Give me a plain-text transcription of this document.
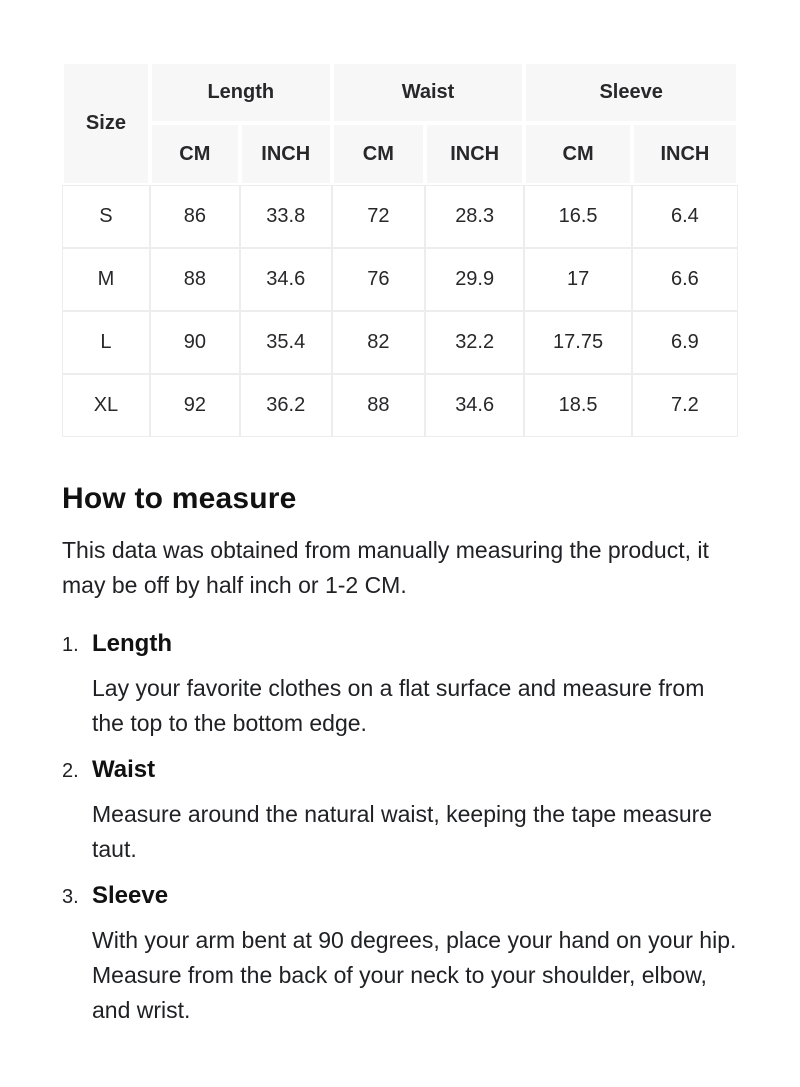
Size	Length		Waist		Sleeve	
	CM	INCH	CM	INCH	CM	INCH
S	86	33.8	72	28.3	16.5	6.4
M	88	34.6	76	29.9	17	6.6
L	90	35.4	82	32.2	17.75	6.9
XL	92	36.2	88	34.6	18.5	7.2
How to measure

This data was obtained from manually measuring the product, it may be off by half inch or 1-2 CM.

1. Length

Lay your favorite clothes on a flat surface and measure from the top to the bottom edge.

2. Waist

Measure around the natural waist, keeping the tape measure taut.

3. Sleeve

With your arm bent at 90 degrees, place your hand on your hip. Measure from the back of your neck to your shoulder, elbow, and wrist.
